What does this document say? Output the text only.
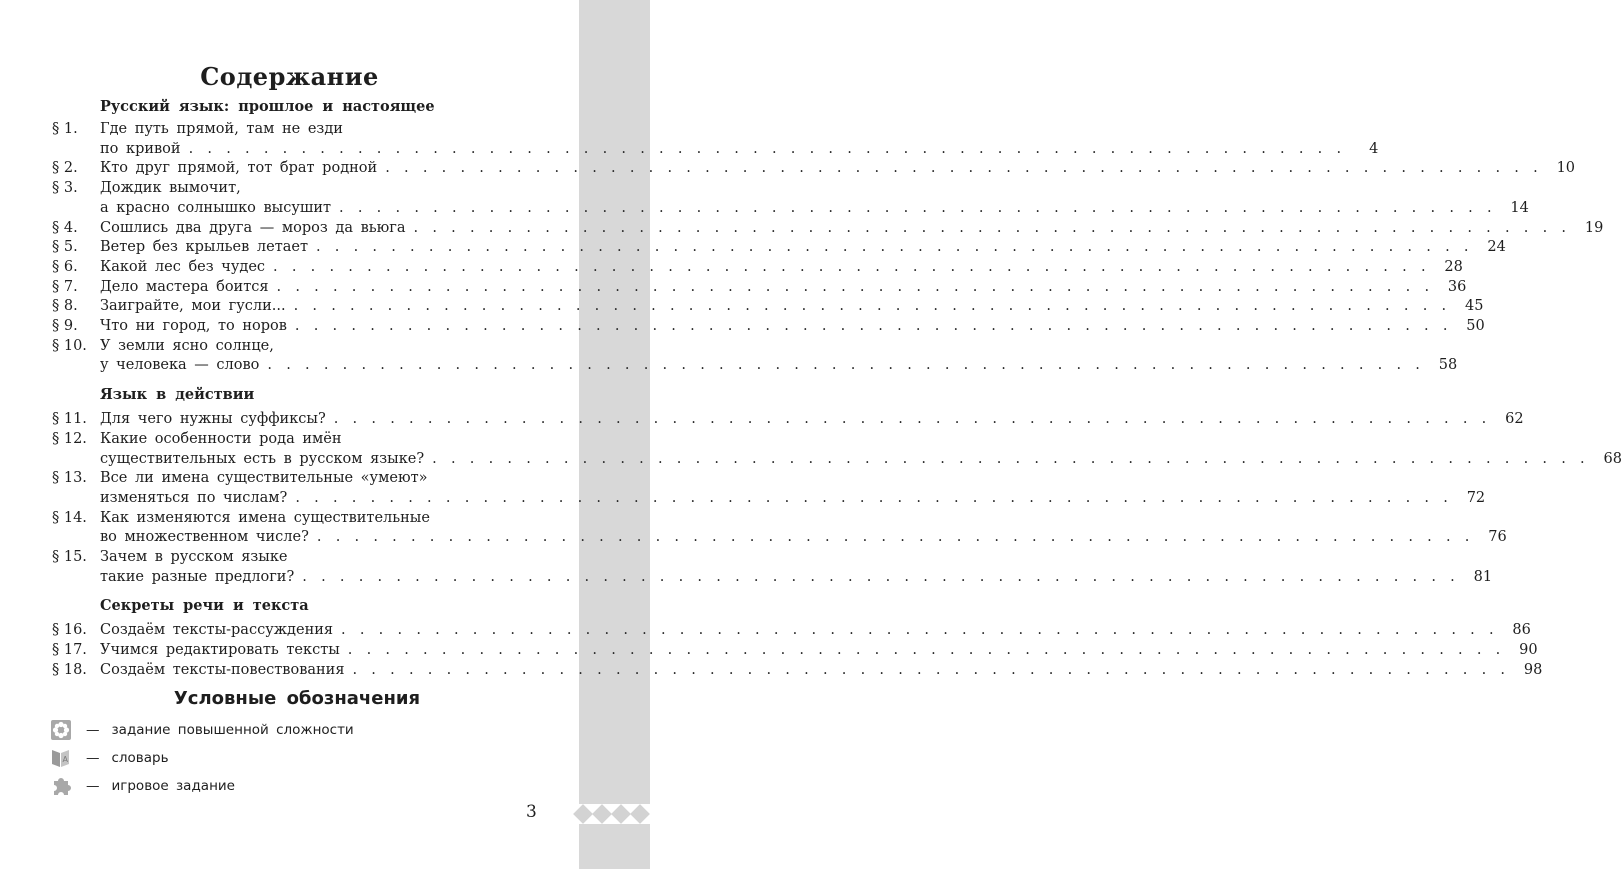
Содержание
Русский язык: прошлое и настоящее
§ 1.	Где путь прямой, там не езди
по кривой . . .	4
§ 2.	Кто друг прямой, тот брат родной . . .	10
§ 3.	Дождик вымочит,
а красно солнышко высушит . . .	14
§ 4.	Сошлись два друга — мороз да вьюга . . .	19
§ 5.	Ветер без крыльев летает . . .	24
§ 6.	Какой лес без чудес . . .	28
§ 7.	Дело мастера боится . . .	36
§ 8.	Заиграйте, мои гусли... . . .	45
§ 9.	Что ни город, то норов . . .	50
§ 10. У земли ясно солнце,
у человека — слово . . .	58
Язык в действии
§ 11. Для чего нужны суффиксы? . . .	62
§ 12. Какие особенности рода имён
существительных есть в русском языке? . . .	68
§ 13. Все ли имена существительные «умеют»
изменяться по числам? . . .	72
§ 14. Как изменяются имена существительные
во множественном числе? . . .	76
§ 15. Зачем в русском языке
такие разные предлоги? . . .	81
Секреты речи и текста
§ 16. Создаём тексты-рассуждения . . .	86
§ 17. Учимся редактировать тексты . . .	90
§ 18. Создаём тексты-повествования . . .	98
Условные обозначения
— задание повышенной сложности
A — словарь
— игровое задание
3
